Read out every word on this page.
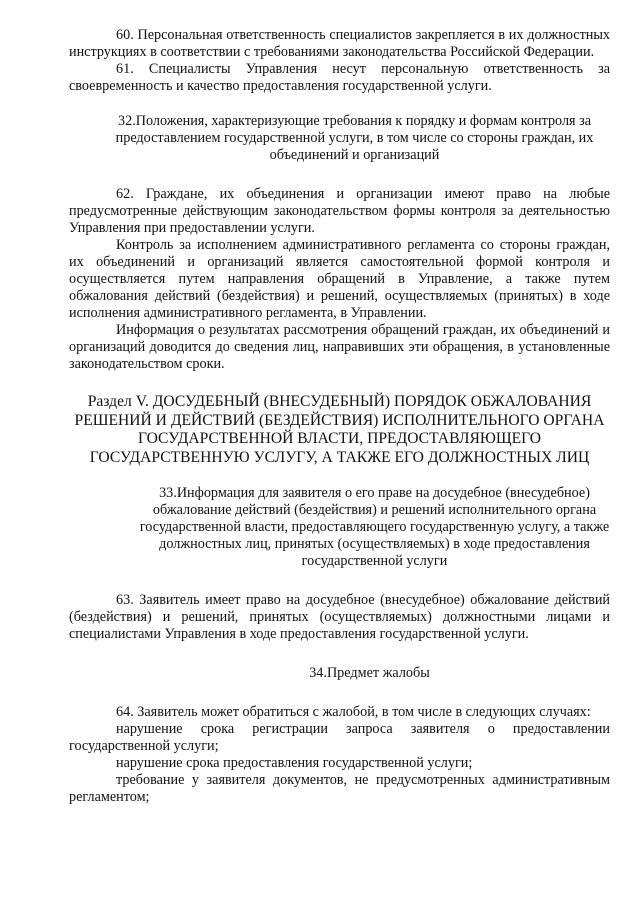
60. Персональная ответственность специалистов закрепляется в их должностных инструкциях в соответствии с требованиями законодательства Российской Федерации.

61. Специалисты Управления несут персональную ответственность за своевременность и качество предоставления государственной услуги.

32.Положения, характеризующие требования к порядку и формам контроля за предоставлением государственной услуги, в том числе со стороны граждан, их объединений и организаций

62. Граждане, их объединения и организации имеют право на любые предусмотренные действующим законодательством формы контроля за деятельностью Управления при предоставлении услуги.

Контроль за исполнением административного регламента со стороны граждан, их объединений и организаций является самостоятельной формой контроля и осуществляется путем направления обращений в Управление, а также путем обжалования действий (бездействия) и решений, осуществляемых (принятых) в ходе исполнения административного регламента, в Управлении.

Информация о результатах рассмотрения обращений граждан, их объединений и организаций доводится до сведения лиц, направивших эти обращения, в установленные законодательством сроки.

Раздел V. ДОСУДЕБНЫЙ (ВНЕСУДЕБНЫЙ) ПОРЯДОК ОБЖАЛОВАНИЯ РЕШЕНИЙ И ДЕЙСТВИЙ (БЕЗДЕЙСТВИЯ) ИСПОЛНИТЕЛЬНОГО ОРГАНА ГОСУДАРСТВЕННОЙ ВЛАСТИ, ПРЕДОСТАВЛЯЮЩЕГО ГОСУДАРСТВЕННУЮ УСЛУГУ, А ТАКЖЕ ЕГО ДОЛЖНОСТНЫХ ЛИЦ
33.Информация для заявителя о его праве на досудебное (внесудебное) обжалование действий (бездействия) и решений исполнительного органа государственной власти, предоставляющего государственную услугу, а также должностных лиц, принятых (осуществляемых) в ходе предоставления государственной услуги

63. Заявитель имеет право на досудебное (внесудебное) обжалование действий (бездействия) и решений, принятых (осуществляемых) должностными лицами и специалистами Управления в ходе предоставления государственной услуги.

34.Предмет жалобы

64. Заявитель может обратиться с жалобой, в том числе в следующих случаях:

нарушение срока регистрации запроса заявителя о предоставлении государственной услуги;

нарушение срока предоставления государственной услуги;

требование у заявителя документов, не предусмотренных административным регламентом;
